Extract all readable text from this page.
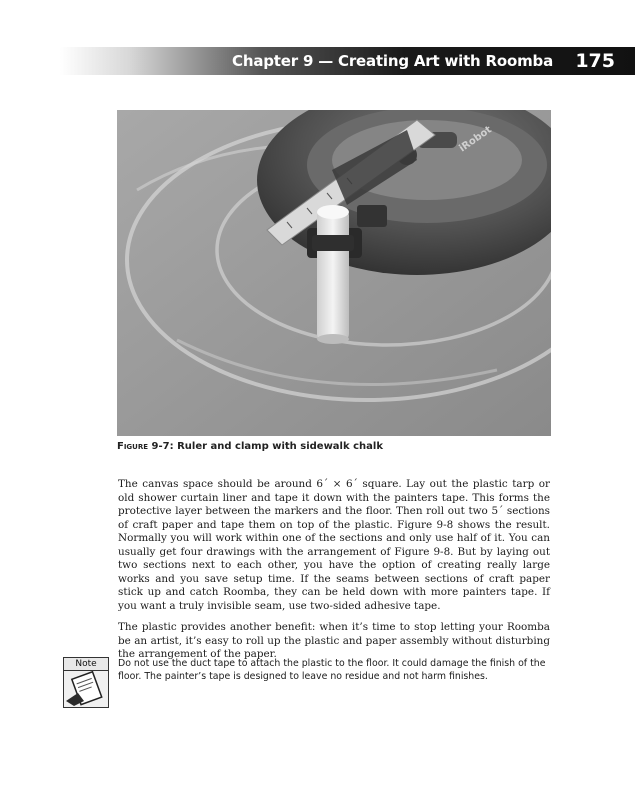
Chapter 9 — Creating Art with Roomba 175
iRobot
Figure 9-7: Ruler and clamp with sidewalk chalk

The canvas space should be around 6´ × 6´ square. Lay out the plastic tarp or old shower curtain liner and tape it down with the painters tape. This forms the protective layer between the markers and the floor. Then roll out two 5´ sections of craft paper and tape them on top of the plastic. Figure 9-8 shows the result. Normally you will work within one of the sections and only use half of it. You can usually get four drawings with the arrangement of Figure 9-8. But by laying out two sections next to each other, you have the option of creating really large works and you save setup time. If the seams between sections of craft paper stick up and catch Roomba, they can be held down with more painters tape. If you want a truly invisible seam, use two-sided adhesive tape.

The plastic provides another benefit: when it’s time to stop letting your Roomba be an artist, it’s easy to roll up the plastic and paper assembly without disturbing the arrangement of the paper.

Note	Do not use the duct tape to attach the plastic to the floor. It could damage the finish of the floor. The painter’s tape is designed to leave no residue and not harm finishes.
